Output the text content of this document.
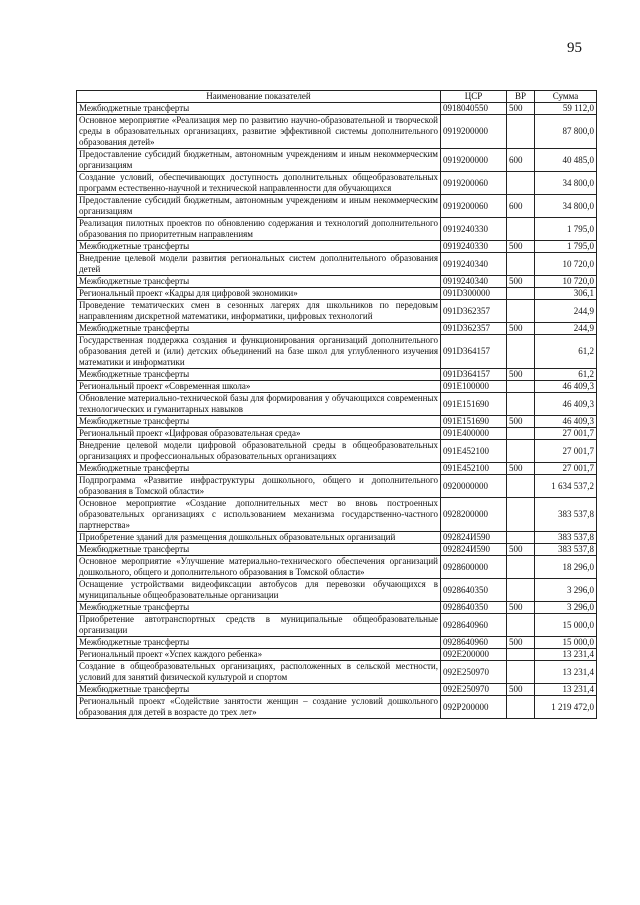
95
Наименование показателей	ЦСР	ВР	Сумма
Межбюджетные трансферты	0918040550	500	59 112,0
Основное мероприятие «Реализация мер по развитию научно-образовательной и творческой среды в образовательных организациях, развитие эффективной системы дополнительного образования детей»	0919200000		87 800,0
Предоставление субсидий бюджетным, автономным учреждениям и иным некоммерческим организациям	0919200000	600	40 485,0
Создание условий, обеспечивающих доступность дополнительных общеобразовательных программ естественно-научной и технической направленности для обучающихся	0919200060		34 800,0
Предоставление субсидий бюджетным, автономным учреждениям и иным некоммерческим организациям	0919200060	600	34 800,0
Реализация пилотных проектов по обновлению содержания и технологий дополнительного образования по приоритетным направлениям	0919240330		1 795,0
Межбюджетные трансферты	0919240330	500	1 795,0
Внедрение целевой модели развития региональных систем дополнительного образования детей	0919240340		10 720,0
Межбюджетные трансферты	0919240340	500	10 720,0
Региональный проект «Кадры для цифровой экономики»	091D300000		306,1
Проведение тематических смен в сезонных лагерях для школьников по передовым направлениям дискретной математики, информатики, цифровых технологий	091D362357		244,9
Межбюджетные трансферты	091D362357	500	244,9
Государственная поддержка создания и функционирования организаций дополнительного образования детей и (или) детских объединений на базе школ для углубленного изучения математики и информатики	091D364157		61,2
Межбюджетные трансферты	091D364157	500	61,2
Региональный проект «Современная школа»	091E100000		46 409,3
Обновление материально-технической базы для формирования у обучающихся современных технологических и гуманитарных навыков	091E151690		46 409,3
Межбюджетные трансферты	091E151690	500	46 409,3
Региональный проект «Цифровая образовательная среда»	091E400000		27 001,7
Внедрение целевой модели цифровой образовательной среды в общеобразовательных организациях и профессиональных образовательных организациях	091E452100		27 001,7
Межбюджетные трансферты	091E452100	500	27 001,7
Подпрограмма «Развитие инфраструктуры дошкольного, общего и дополнительного образования в Томской области»	0920000000		1 634 537,2
Основное мероприятие «Создание дополнительных мест во вновь построенных образовательных организациях с использованием механизма государственно-частного партнерства»	0928200000		383 537,8
Приобретение зданий для размещения дошкольных образовательных организаций	092824И590		383 537,8
Межбюджетные трансферты	092824И590	500	383 537,8
Основное мероприятие «Улучшение материально-технического обеспечения организаций дошкольного, общего и дополнительного образования в Томской области»	0928600000		18 296,0
Оснащение устройствами видеофиксации автобусов для перевозки обучающихся в муниципальные общеобразовательные организации	0928640350		3 296,0
Межбюджетные трансферты	0928640350	500	3 296,0
Приобретение автотранспортных средств в муниципальные общеобразовательные организации	0928640960		15 000,0
Межбюджетные трансферты	0928640960	500	15 000,0
Региональный проект «Успех каждого ребенка»	092E200000		13 231,4
Создание в общеобразовательных организациях, расположенных в сельской местности, условий для занятий физической культурой и спортом	092E250970		13 231,4
Межбюджетные трансферты	092E250970	500	13 231,4
Региональный проект «Содействие занятости женщин – создание условий дошкольного образования для детей в возрасте до трех лет»	092P200000		1 219 472,0
